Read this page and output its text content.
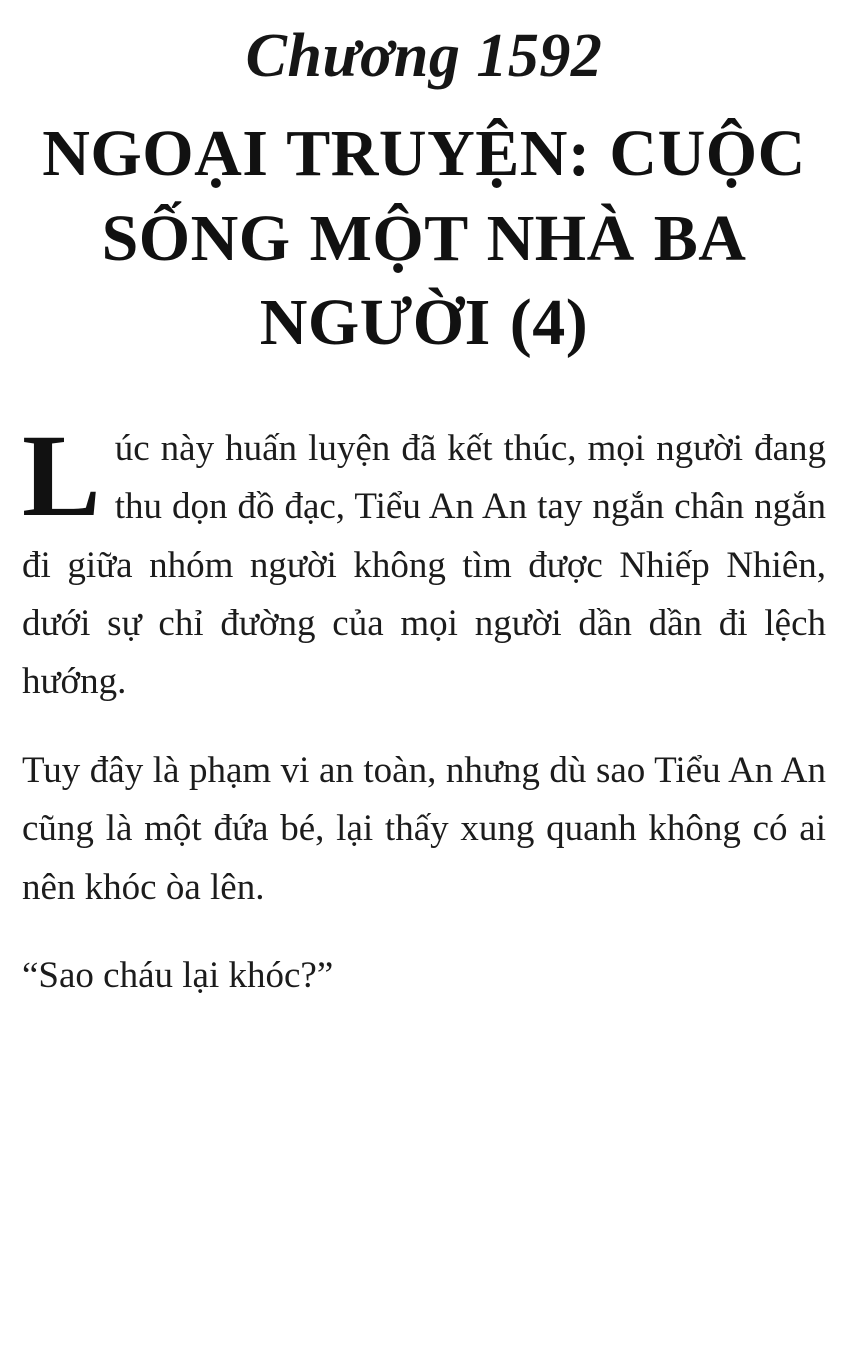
Chương 1592
NGOẠI TRUYỆN: CUỘC SỐNG MỘT NHÀ BA NGƯỜI (4)

Lúc này huấn luyện đã kết thúc, mọi người đang thu dọn đồ đạc, Tiểu An An tay ngắn chân ngắn đi giữa nhóm người không tìm được Nhiếp Nhiên, dưới sự chỉ đường của mọi người dần dần đi lệch hướng.

Tuy đây là phạm vi an toàn, nhưng dù sao Tiểu An An cũng là một đứa bé, lại thấy xung quanh không có ai nên khóc òa lên.

“Sao cháu lại khóc?”
